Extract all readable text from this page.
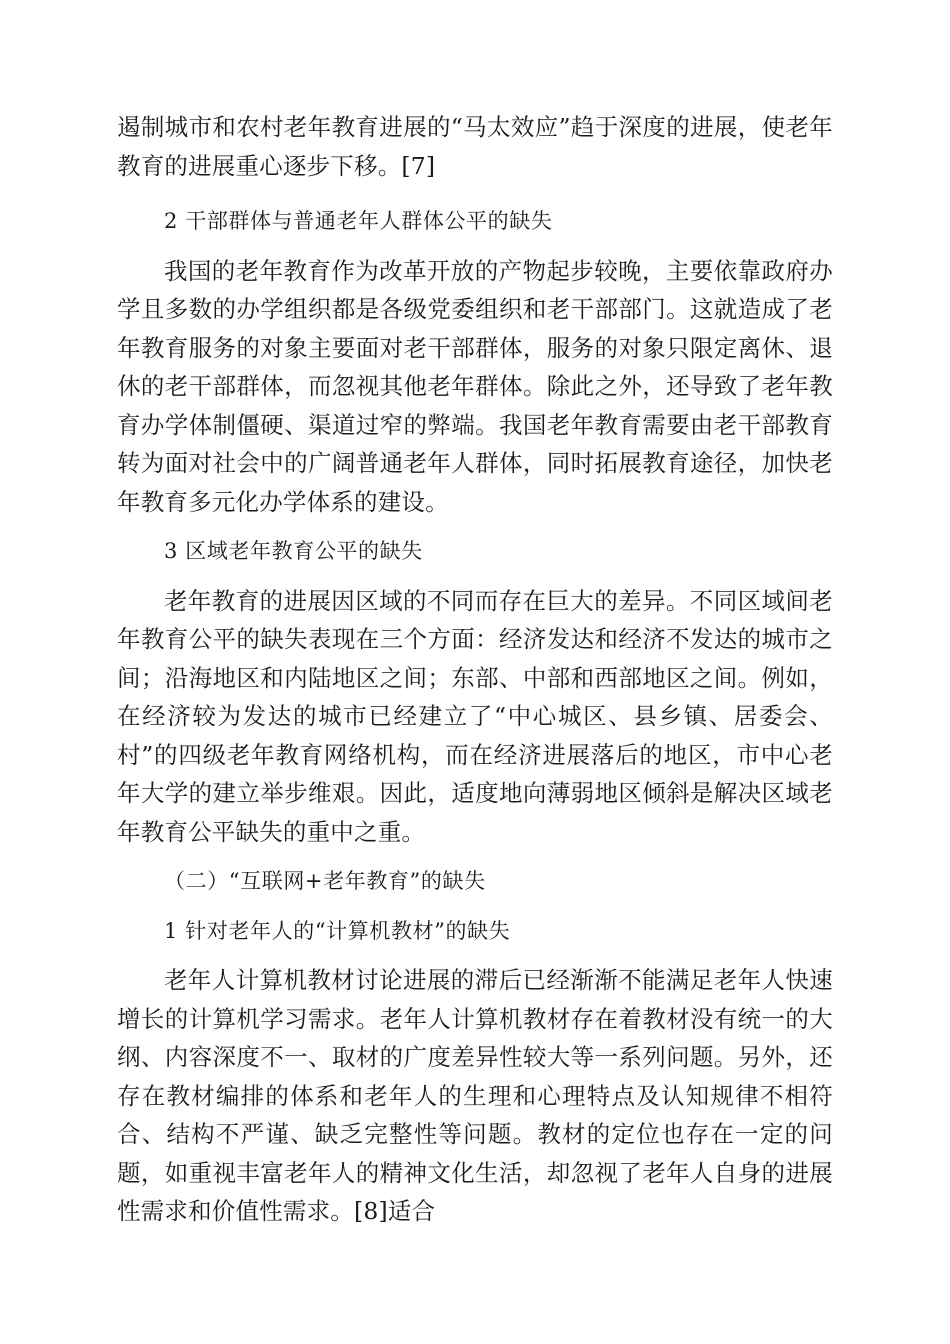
遏制城市和农村老年教育进展的“马太效应”趋于深度的进展，使老年教育的进展重心逐步下移。[7]

2 干部群体与普通老年人群体公平的缺失

我国的老年教育作为改革开放的产物起步较晚，主要依靠政府办学且多数的办学组织都是各级党委组织和老干部部门。这就造成了老年教育服务的对象主要面对老干部群体，服务的对象只限定离休、退休的老干部群体，而忽视其他老年群体。除此之外，还导致了老年教育办学体制僵硬、渠道过窄的弊端。我国老年教育需要由老干部教育转为面对社会中的广阔普通老年人群体，同时拓展教育途径，加快老年教育多元化办学体系的建设。

3 区域老年教育公平的缺失

老年教育的进展因区域的不同而存在巨大的差异。不同区域间老年教育公平的缺失表现在三个方面：经济发达和经济不发达的城市之间；沿海地区和内陆地区之间；东部、中部和西部地区之间。例如，在经济较为发达的城市已经建立了“中心城区、县乡镇、居委会、村”的四级老年教育网络机构，而在经济进展落后的地区，市中心老年大学的建立举步维艰。因此，适度地向薄弱地区倾斜是解决区域老年教育公平缺失的重中之重。

（二）“互联网+老年教育”的缺失

1 针对老年人的“计算机教材”的缺失

老年人计算机教材讨论进展的滞后已经渐渐不能满足老年人快速增长的计算机学习需求。老年人计算机教材存在着教材没有统一的大纲、内容深度不一、取材的广度差异性较大等一系列问题。另外，还存在教材编排的体系和老年人的生理和心理特点及认知规律不相符合、结构不严谨、缺乏完整性等问题。教材的定位也存在一定的问题，如重视丰富老年人的精神文化生活，却忽视了老年人自身的进展性需求和价值性需求。[8]适合
